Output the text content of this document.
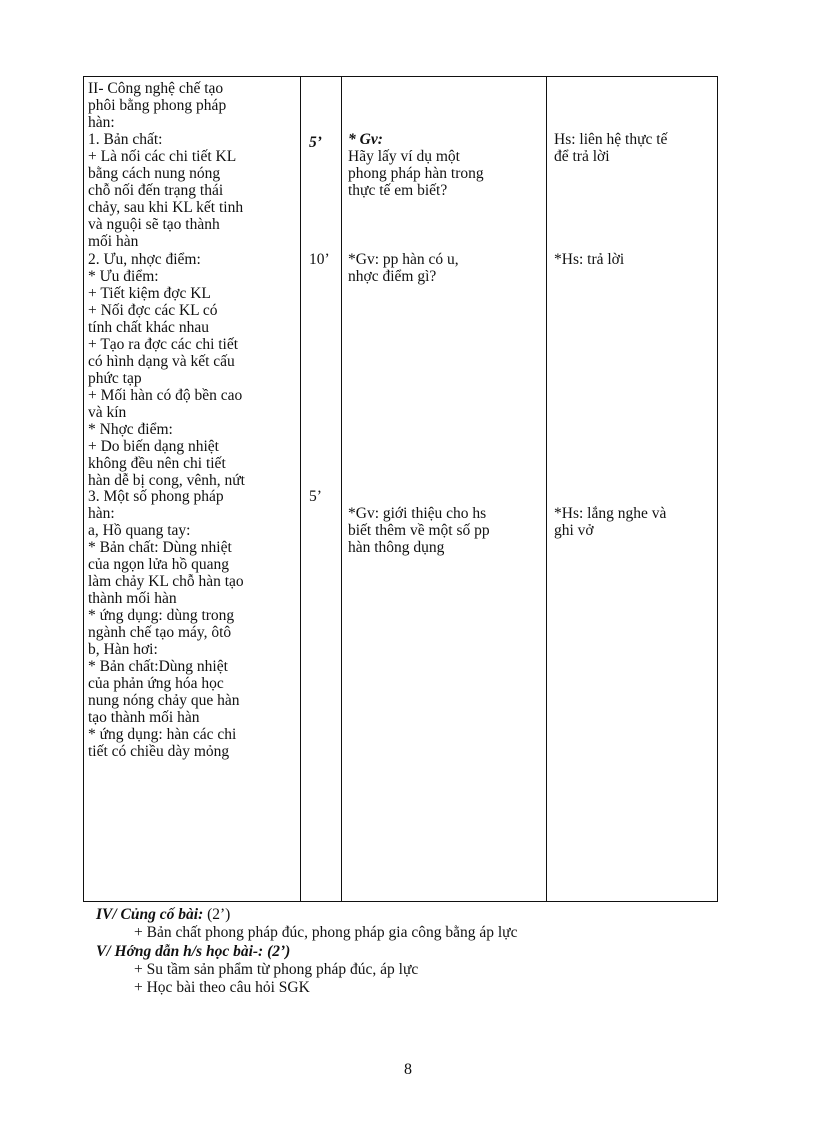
II- Công nghệ chế tạo
phôi bằng phong pháp
hàn:
1. Bản chất:
+ Là nối các chi tiết KL
bằng cách nung nóng
chỗ nối đến trạng thái
chảy, sau khi KL kết tinh
và nguội sẽ tạo thành
mối hàn
2. Ưu, nhợc điểm:
* Ưu điểm:
+ Tiết kiệm đợc KL
+ Nối đợc các KL có
tính chất khác nhau
+ Tạo ra đợc các chi tiết
có hình dạng và kết cấu
phức tạp
+ Mối hàn có độ bền cao
và kín
* Nhợc điểm:
+ Do biến dạng nhiệt
không đều nên chi tiết
hàn dễ bị cong, vênh, nứt
3. Một số phong pháp
hàn:
a, Hồ quang tay:
* Bản chất: Dùng nhiệt
của ngọn lửa hồ quang
làm chảy KL chỗ hàn tạo
thành mối hàn
* ứng dụng: dùng trong
ngành chế tạo máy, ôtô
b, Hàn hơi:
* Bản chất:Dùng nhiệt
của phản ứng hóa học
nung nóng chảy que hàn
tạo thành mối hàn
* ứng dụng: hàn các chi
tiết có chiều dày mỏng
5’
10’
5’
* Gv:
Hãy lấy ví dụ một
phong pháp hàn trong
thực tế em biết?
*Gv: pp hàn có u,
nhợc điểm gì?
*Gv: giới thiệu cho hs
biết thêm về một số pp
hàn thông dụng
Hs: liên hệ thực tế
để trả lời
*Hs: trả lời
*Hs: lắng nghe và
ghi vở
IV/ Củng cố bài: (2’)
+ Bản chất phong pháp đúc, phong pháp gia công bằng áp lực
V/ Hớng dẫn h/s học bài-: (2’)
+ Su tầm sản phẩm từ phong pháp đúc, áp lực
+ Học bài theo câu hỏi SGK
8
